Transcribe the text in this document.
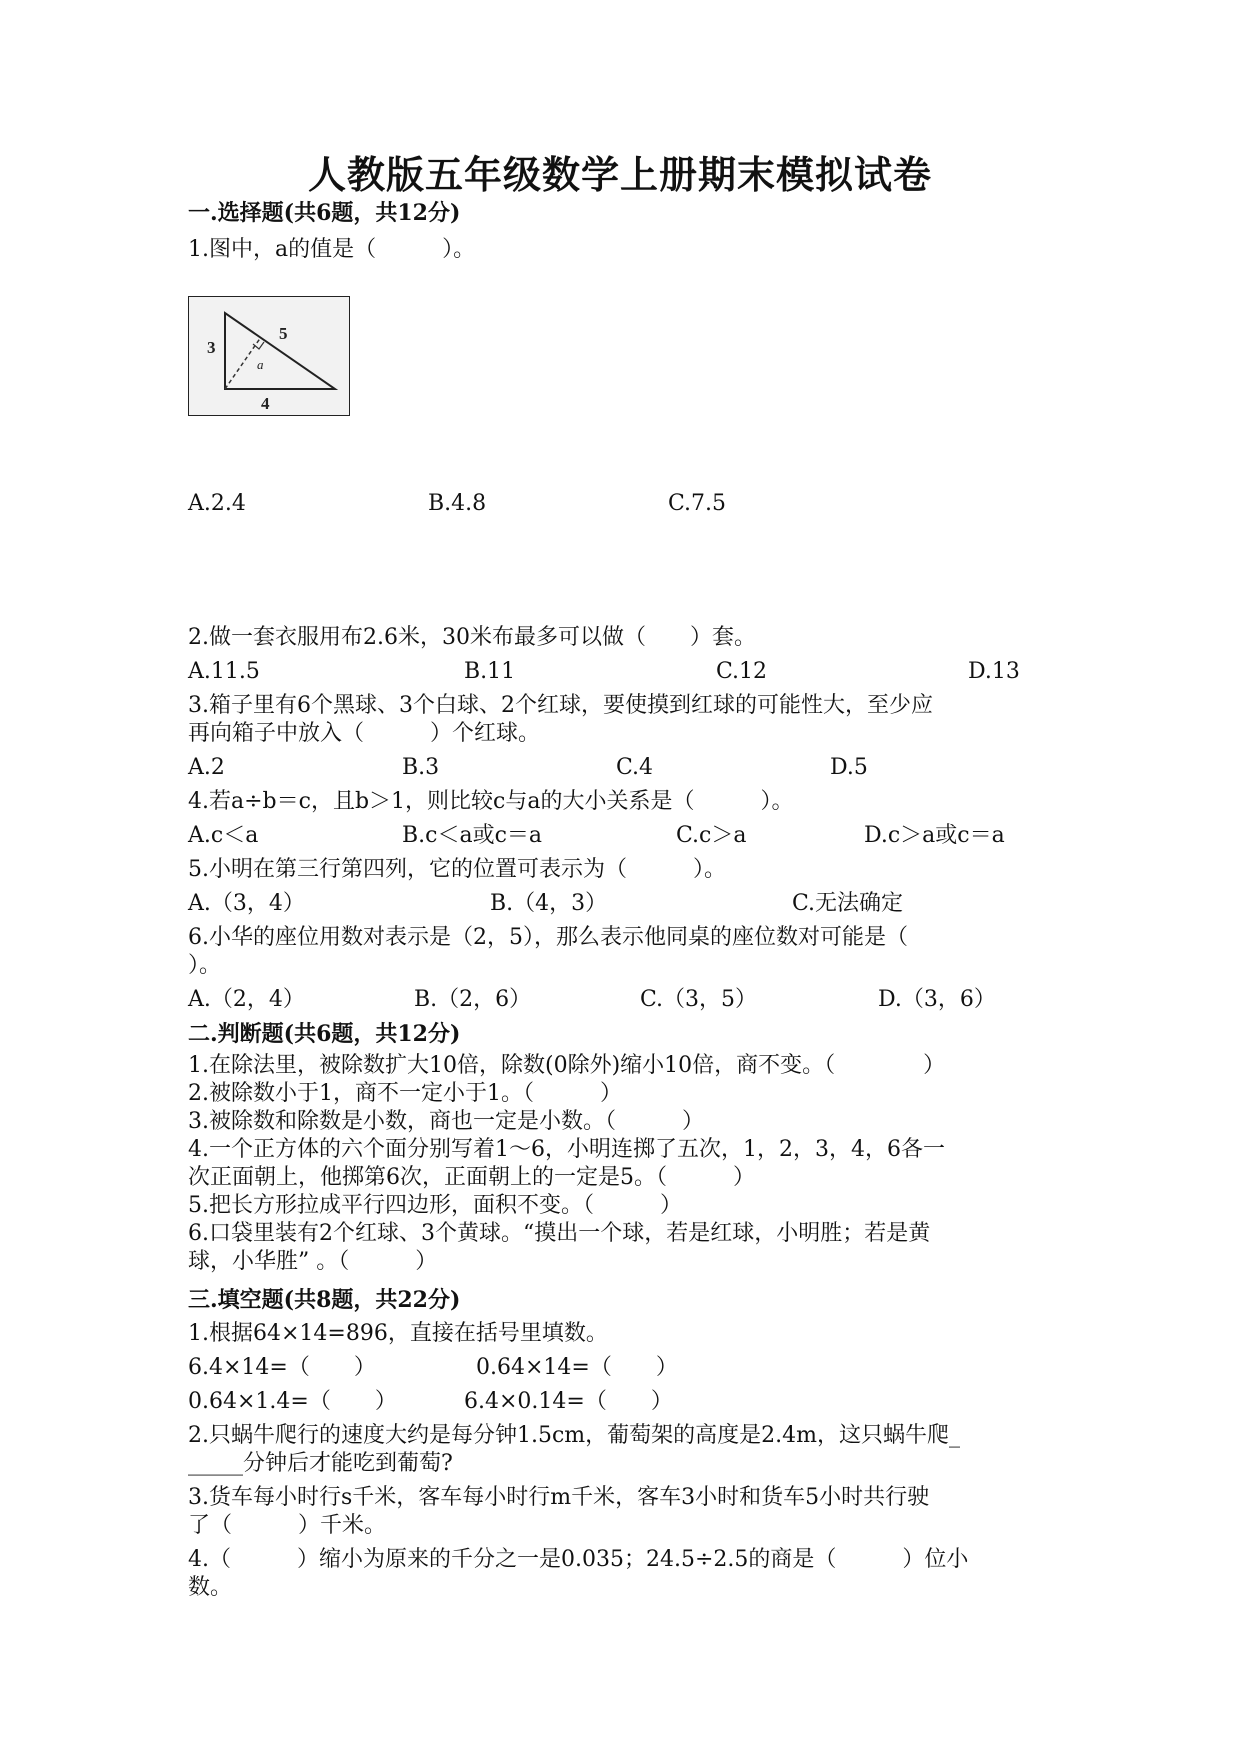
人教版五年级数学上册期末模拟试卷
一.选择题(共6题，共12分)
1.图中，a的值是（　　　）。
3
5
4
a
A.2.4	B.4.8	C.7.5
2.做一套衣服用布2.6米，30米布最多可以做（　　）套。
A.11.5	B.11	C.12	D.13
3.箱子里有6个黑球、3个白球、2个红球，要使摸到红球的可能性大，至少应
再向箱子中放入（　　　）个红球。
A.2	B.3	C.4	D.5
4.若a÷b＝c，且b＞1，则比较c与a的大小关系是（　　　）。
A.c＜a	B.c＜a或c＝a	C.c＞a	D.c＞a或c＝a
5.小明在第三行第四列，它的位置可表示为（　　　）。
A.（3，4）	B.（4，3）	C.无法确定
6.小华的座位用数对表示是（2，5），那么表示他同桌的座位数对可能是（
）。
A.（2，4）	B.（2，6）	C.（3，5）	D.（3，6）
二.判断题(共6题，共12分)
1.在除法里，被除数扩大10倍，除数(0除外)缩小10倍，商不变。（　　　　）
2.被除数小于1，商不一定小于1。（　　　）
3.被除数和除数是小数，商也一定是小数。（　　　）
4.一个正方体的六个面分别写着1～6，小明连掷了五次，1，2，3，4，6各一
次正面朝上，他掷第6次，正面朝上的一定是5。（　　　）
5.把长方形拉成平行四边形，面积不变。（　　　）
6.口袋里装有2个红球、3个黄球。“摸出一个球，若是红球，小明胜；若是黄
球，小华胜” 。（　　　）
三.填空题(共8题，共22分)
1.根据64×14=896，直接在括号里填数。
6.4×14=（　　）	0.64×14=（　　）
0.64×1.4=（　　）	6.4×0.14=（　　）
2.只蜗牛爬行的速度大约是每分钟1.5cm，葡萄架的高度是2.4m，这只蜗牛爬_
_____分钟后才能吃到葡萄?
3.货车每小时行s千米，客车每小时行m千米，客车3小时和货车5小时共行驶
了（　　　）千米。
4.（　　　）缩小为原来的千分之一是0.035；24.5÷2.5的商是（　　　）位小
数。
